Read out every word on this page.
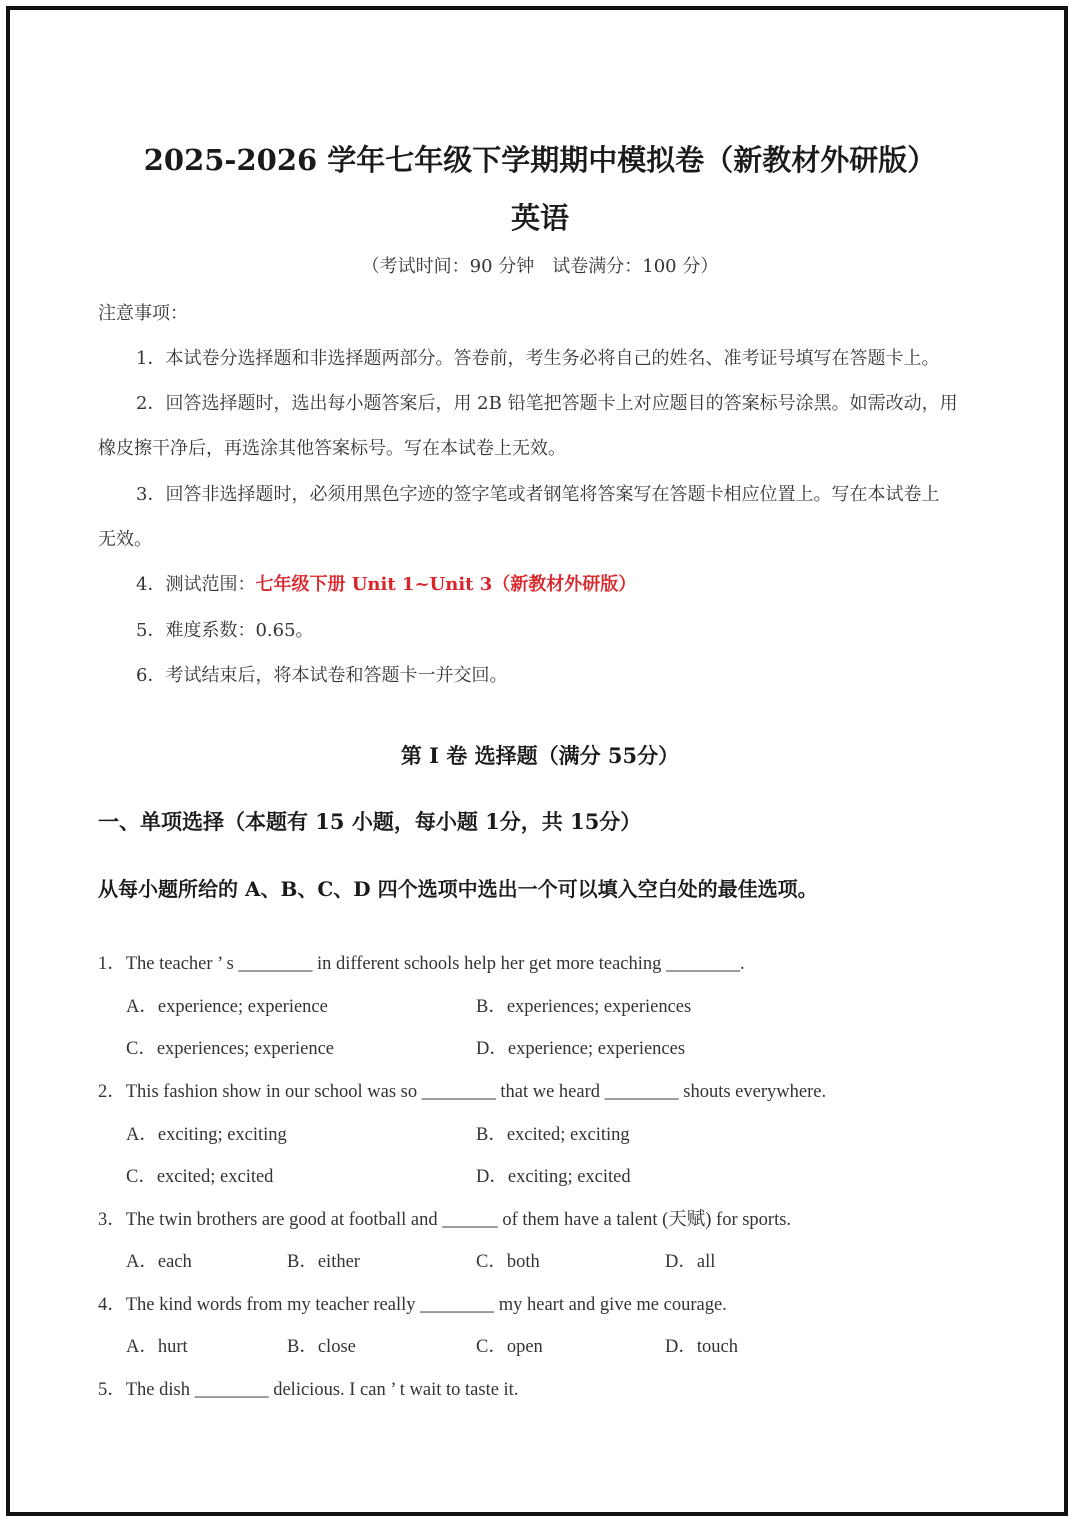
2025-2026 学年七年级下学期期中模拟卷（新教材外研版）
英语
（考试时间：90 分钟　试卷满分：100 分）
注意事项：
1．本试卷分选择题和非选择题两部分。答卷前，考生务必将自己的姓名、准考证号填写在答题卡上。
2．回答选择题时，选出每小题答案后，用 2B 铅笔把答题卡上对应题目的答案标号涂黑。如需改动，用
橡皮擦干净后，再选涂其他答案标号。写在本试卷上无效。
3．回答非选择题时，必须用黑色字迹的签字笔或者钢笔将答案写在答题卡相应位置上。写在本试卷上
无效。
4．测试范围：七年级下册 Unit 1~Unit 3（新教材外研版）
5．难度系数：0.65。
6．考试结束后，将本试卷和答题卡一并交回。
第 I 卷 选择题（满分 55分）
一、单项选择（本题有 15 小题，每小题 1分，共 15分）
从每小题所给的 A、B、C、D 四个选项中选出一个可以填入空白处的最佳选项。
1．The teacher ’ s ________ in different schools help her get more teaching ________.
A．experience; experience	B．experiences; experiences
C．experiences; experience	D．experience; experiences
2．This fashion show in our school was so ________ that we heard ________ shouts everywhere.
A．exciting; exciting	B．excited; exciting
C．excited; excited	D．exciting; excited
3．The twin brothers are good at football and ______ of them have a talent (天赋) for sports.
A．each	B．either	C．both	D．all
4．The kind words from my teacher really ________ my heart and give me courage.
A．hurt	B．close	C．open	D．touch
5．The dish ________ delicious. I can ’ t wait to taste it.
